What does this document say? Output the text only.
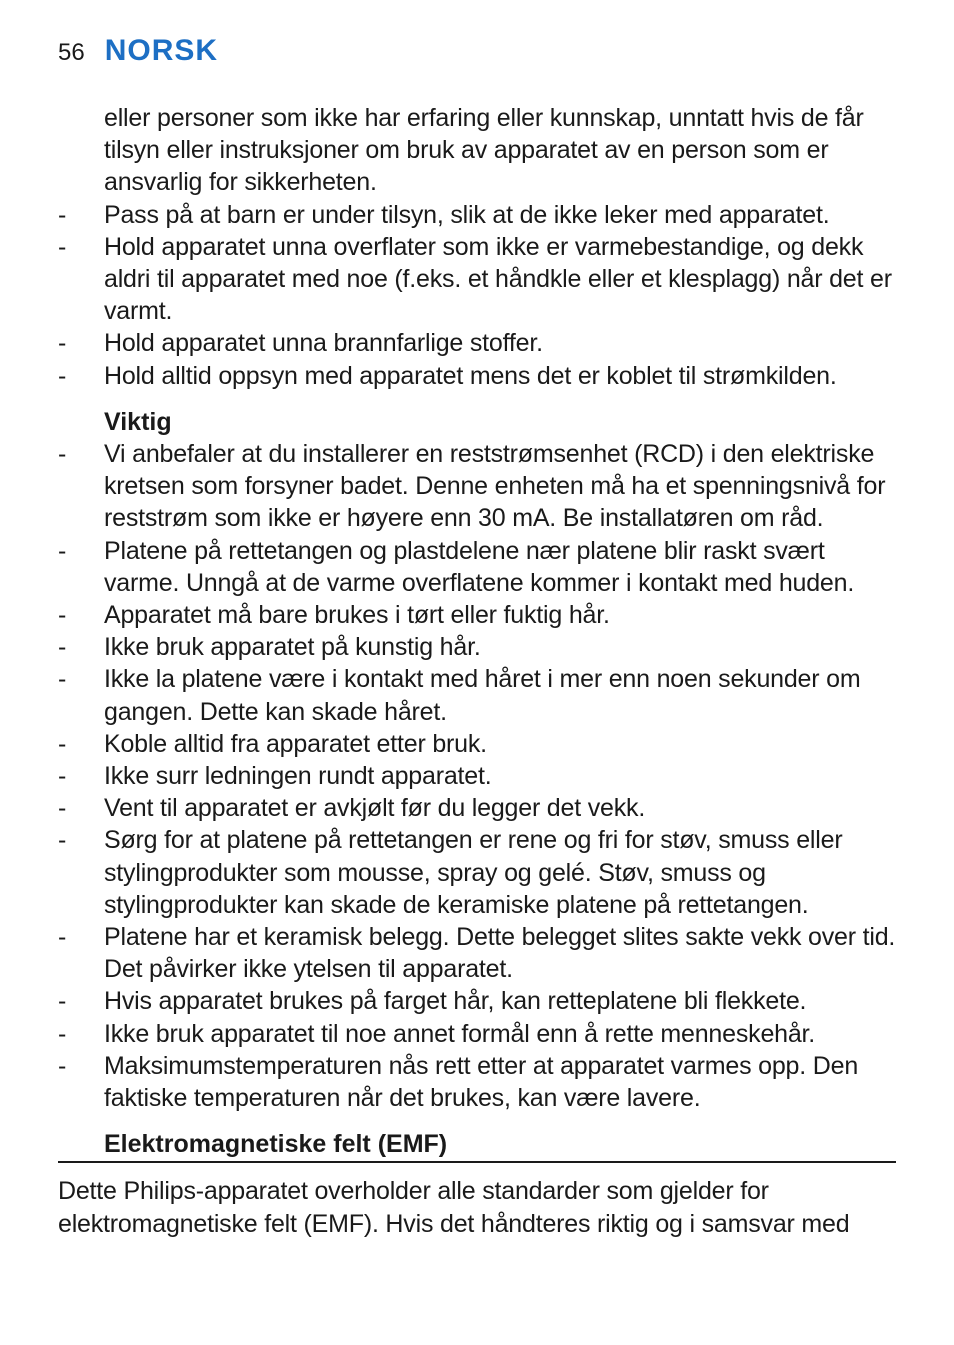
56 NORSK
eller personer som ikke har erfaring eller kunnskap, unntatt hvis de får tilsyn eller instruksjoner om bruk av apparatet av en person som er ansvarlig for sikkerheten.
-	Pass på at barn er under tilsyn, slik at de ikke leker med apparatet.
-	Hold apparatet unna overflater som ikke er varmebestandige, og dekk aldri til apparatet med noe (f.eks. et håndkle eller et klesplagg) når det er varmt.
-	Hold apparatet unna brannfarlige stoffer.
-	Hold alltid oppsyn med apparatet mens det er koblet til strømkilden.
Viktig
-	Vi anbefaler at du installerer en reststrømsenhet (RCD) i den elektriske kretsen som forsyner badet. Denne enheten må ha et spenningsnivå for reststrøm som ikke er høyere enn 30 mA. Be installatøren om råd.
-	Platene på rettetangen og plastdelene nær platene blir raskt svært varme. Unngå at de varme overflatene kommer i kontakt med huden.
-	Apparatet må bare brukes i tørt eller fuktig hår.
-	Ikke bruk apparatet på kunstig hår.
-	Ikke la platene være i kontakt med håret i mer enn noen sekunder om gangen. Dette kan skade håret.
-	Koble alltid fra apparatet etter bruk.
-	Ikke surr ledningen rundt apparatet.
-	Vent til apparatet er avkjølt før du legger det vekk.
-	Sørg for at platene på rettetangen er rene og fri for støv, smuss eller stylingprodukter som mousse, spray og gelé. Støv, smuss og stylingprodukter kan skade de keramiske platene på rettetangen.
-	Platene har et keramisk belegg. Dette belegget slites sakte vekk over tid. Det påvirker ikke ytelsen til apparatet.
-	Hvis apparatet brukes på farget hår, kan retteplatene bli flekkete.
-	Ikke bruk apparatet til noe annet formål enn å rette menneskehår.
-	Maksimumstemperaturen nås rett etter at apparatet varmes opp. Den faktiske temperaturen når det brukes, kan være lavere.
Elektromagnetiske felt (EMF)
Dette Philips-apparatet overholder alle standarder som gjelder for elektromagnetiske felt (EMF). Hvis det håndteres riktig og i samsvar med
